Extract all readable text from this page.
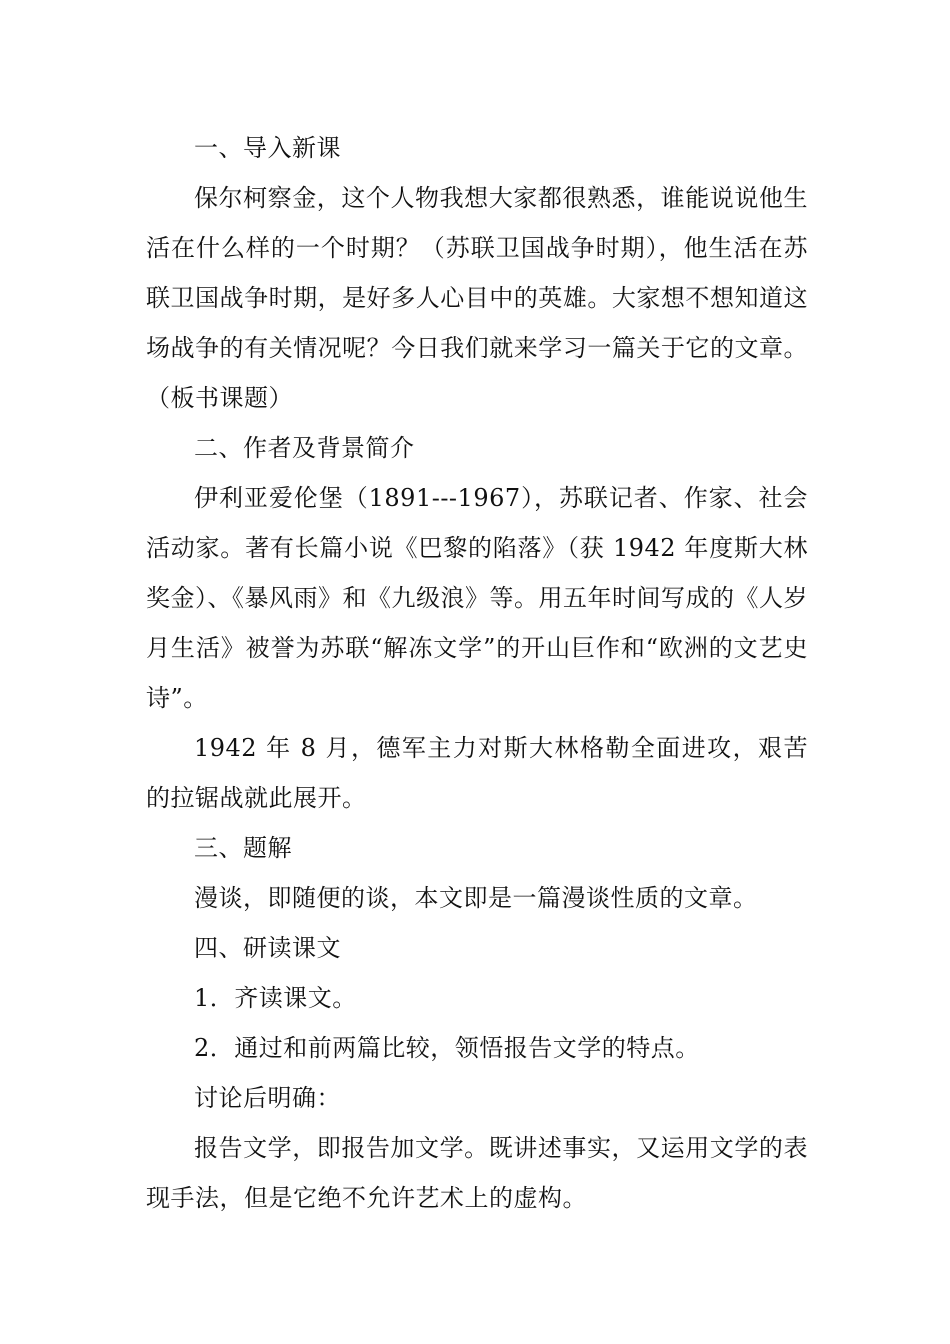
一、导入新课

保尔柯察金，这个人物我想大家都很熟悉，谁能说说他生活在什么样的一个时期？（苏联卫国战争时期），他生活在苏联卫国战争时期，是好多人心目中的英雄。大家想不想知道这场战争的有关情况呢？今日我们就来学习一篇关于它的文章。（板书课题）

二、作者及背景简介

伊利亚爱伦堡（1891---1967），苏联记者、作家、社会活动家。著有长篇小说《巴黎的陷落》（获 1942 年度斯大林奖金）、《暴风雨》和《九级浪》等。用五年时间写成的《人岁月生活》被誉为苏联“解冻文学”的开山巨作和“欧洲的文艺史诗”。

1942 年 8 月，德军主力对斯大林格勒全面进攻，艰苦的拉锯战就此展开。

三、题解

漫谈，即随便的谈，本文即是一篇漫谈性质的文章。

四、研读课文

1．齐读课文。

2．通过和前两篇比较，领悟报告文学的特点。

讨论后明确：

报告文学，即报告加文学。既讲述事实，又运用文学的表现手法，但是它绝不允许艺术上的虚构。
